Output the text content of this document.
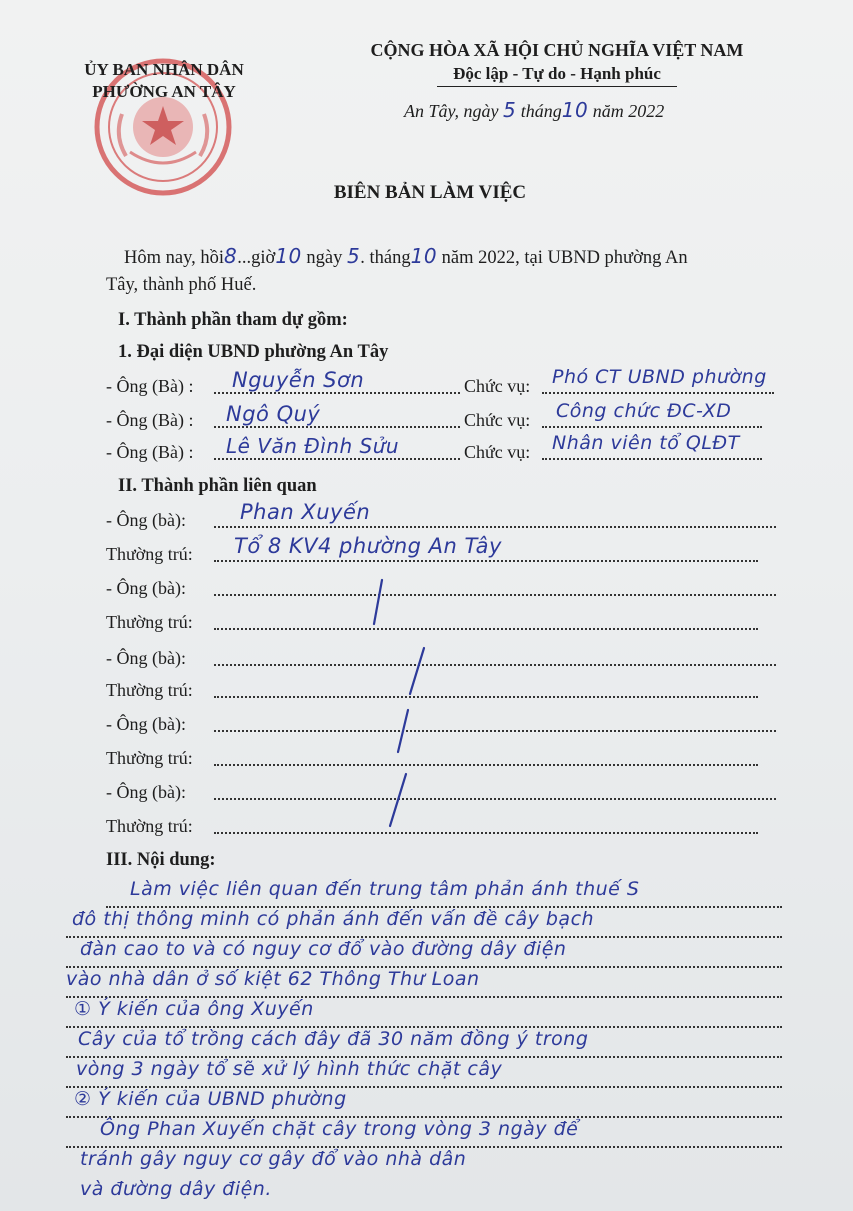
ỦY BAN NHÂN DÂN
PHƯỜNG AN TÂY
CỘNG HÒA XÃ HỘI CHỦ NGHĨA VIỆT NAM
Độc lập - Tự do - Hạnh phúc
An Tây, ngày 5 tháng10 năm 2022
BIÊN BẢN LÀM VIỆC
Hôm nay, hồi8...giờ10 ngày 5. tháng10 năm 2022, tại UBND phường An
Tây, thành phố Huế.
I. Thành phần tham dự gồm:
1. Đại diện UBND phường An Tây
- Ông (Bà) : Nguyễn Sơn	Chức vụ: Phó CT UBND phường
- Ông (Bà) : Ngô Quý	Chức vụ: Công chức ĐC-XD
- Ông (Bà) : Lê Văn Đình Sửu	Chức vụ: Nhân viên tổ QLĐT
II. Thành phần liên quan
- Ông (bà):	Phan Xuyến
Thường trú: Tổ 8 KV4 phường An Tây
- Ông (bà):
Thường trú:
- Ông (bà):
Thường trú:
- Ông (bà):
Thường trú:
- Ông (bà):
Thường trú:
III. Nội dung:
Làm việc liên quan đến trung tâm phản ánh thuế S
đô thị thông minh có phản ánh đến vấn đề cây bạch
đàn cao to và có nguy cơ đổ vào đường dây điện
vào nhà dân ở số kiệt 62 Thông Thư Loan
① Ý kiến của ông Xuyến
Cây của tổ trồng cách đây đã 30 năm đồng ý trong
vòng 3 ngày tổ sẽ xử lý hình thức chặt cây
② Ý kiến của UBND phường
Ông Phan Xuyến chặt cây trong vòng 3 ngày để
tránh gây nguy cơ gây đổ vào nhà dân
và đường dây điện.
